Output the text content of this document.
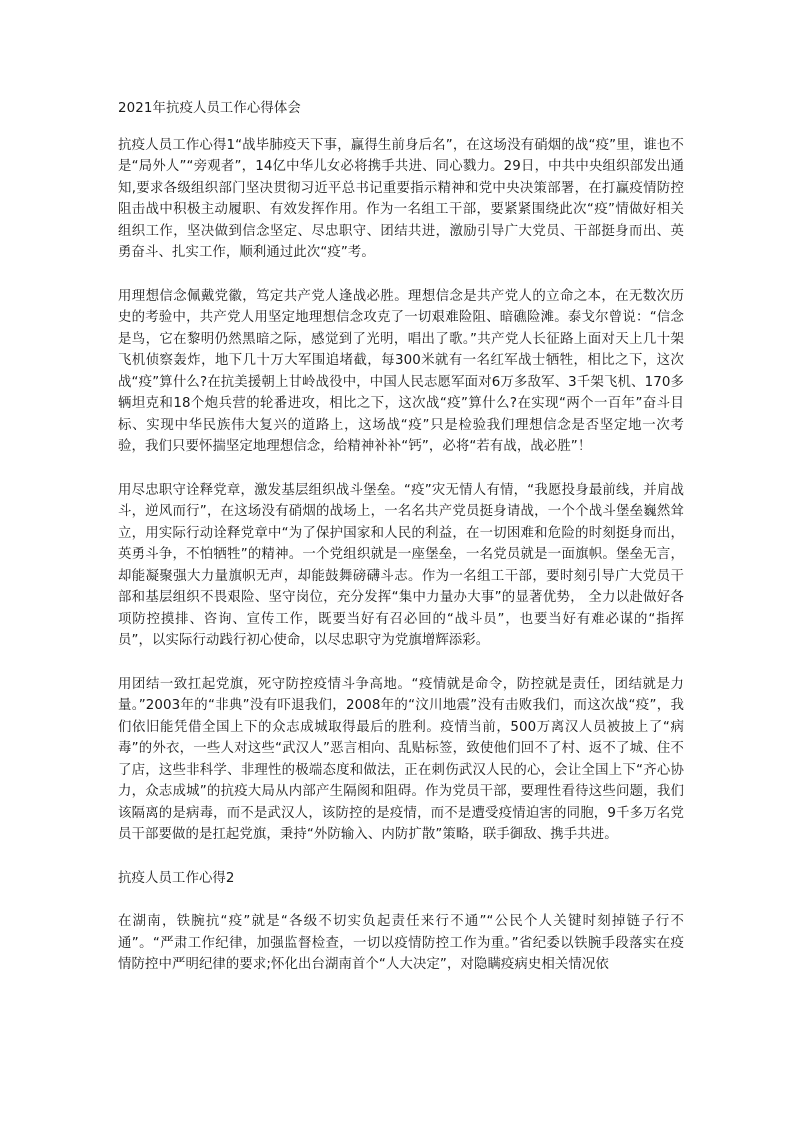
2021年抗疫人员工作心得体会

抗疫人员工作心得1“战毕肺疫天下事，赢得生前身后名”，在这场没有硝烟的战“疫”里，谁也不是“局外人”“旁观者”，14亿中华儿女必将携手共进、同心戮力。29日，中共中央组织部发出通知,要求各级组织部门坚决贯彻习近平总书记重要指示精神和党中央决策部署，在打赢疫情防控阻击战中积极主动履职、有效发挥作用。作为一名组工干部，要紧紧围绕此次“疫”情做好相关组织工作，坚决做到信念坚定、尽忠职守、团结共进，激励引导广大党员、干部挺身而出、英勇奋斗、扎实工作，顺利通过此次“疫”考。

用理想信念佩戴党徽，笃定共产党人逢战必胜。理想信念是共产党人的立命之本，在无数次历史的考验中，共产党人用坚定地理想信念攻克了一切艰难险阻、暗礁险滩。泰戈尔曾说：“信念是鸟，它在黎明仍然黑暗之际，感觉到了光明，唱出了歌。”共产党人长征路上面对天上几十架飞机侦察轰炸，地下几十万大军围追堵截，每300米就有一名红军战士牺牲，相比之下，这次战“疫”算什么?在抗美援朝上甘岭战役中，中国人民志愿军面对6万多敌军、3千架飞机、170多辆坦克和18个炮兵营的轮番进攻，相比之下，这次战“疫”算什么?在实现“两个一百年”奋斗目标、实现中华民族伟大复兴的道路上，这场战“疫”只是检验我们理想信念是否坚定地一次考验，我们只要怀揣坚定地理想信念，给精神补补“钙”，必将“若有战，战必胜”！

用尽忠职守诠释党章，激发基层组织战斗堡垒。“疫”灾无情人有情，“我愿投身最前线，并肩战斗，逆风而行”，在这场没有硝烟的战场上，一名名共产党员挺身请战，一个个战斗堡垒巍然耸立，用实际行动诠释党章中“为了保护国家和人民的利益，在一切困难和危险的时刻挺身而出，英勇斗争，不怕牺牲”的精神。一个党组织就是一座堡垒，一名党员就是一面旗帜。堡垒无言，却能凝聚强大力量旗帜无声，却能鼓舞磅礴斗志。作为一名组工干部，要时刻引导广大党员干部和基层组织不畏艰险、坚守岗位，充分发挥“集中力量办大事”的显著优势， 全力以赴做好各项防控摸排、咨询、宣传工作，既要当好有召必回的“战斗员”，也要当好有难必谋的“指挥员”，以实际行动践行初心使命，以尽忠职守为党旗增辉添彩。

用团结一致扛起党旗，死守防控疫情斗争高地。“疫情就是命令，防控就是责任，团结就是力量。”2003年的“非典”没有吓退我们，2008年的“汶川地震”没有击败我们，而这次战“疫”，我们依旧能凭借全国上下的众志成城取得最后的胜利。疫情当前，500万离汉人员被披上了“病毒”的外衣，一些人对这些“武汉人”恶言相向、乱贴标签，致使他们回不了村、返不了城、住不了店，这些非科学、非理性的极端态度和做法，正在刺伤武汉人民的心，会让全国上下“齐心协力，众志成城”的抗疫大局从内部产生隔阂和阻碍。作为党员干部，要理性看待这些问题，我们该隔离的是病毒，而不是武汉人，该防控的是疫情，而不是遭受疫情迫害的同胞，9千多万名党员干部要做的是扛起党旗，秉持“外防输入、内防扩散”策略，联手御敌、携手共进。

抗疫人员工作心得2

在湖南，铁腕抗“疫”就是“各级不切实负起责任来行不通”“公民个人关键时刻掉链子行不通”。“严肃工作纪律，加强监督检查，一切以疫情防控工作为重。”省纪委以铁腕手段落实在疫情防控中严明纪律的要求;怀化出台湖南首个“人大决定”，对隐瞒疫病史相关情况依
